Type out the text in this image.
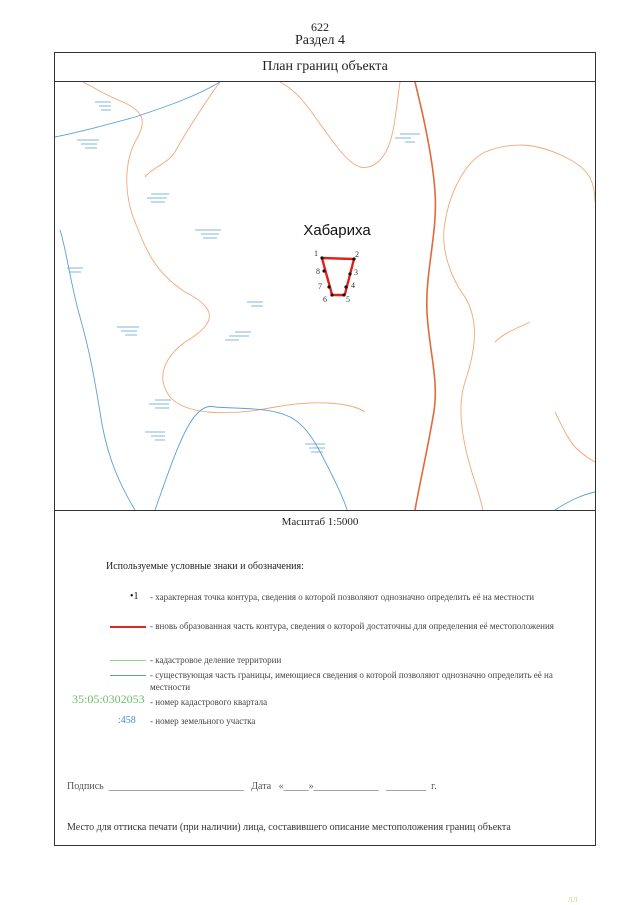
622
Раздел 4
План границ объекта
Хабариха
1	2
3
4
5
6
7
8
Масштаб 1:5000
Используемые условные знаки и обозначения:
•1
35:05:0302053
:458
- характерная точка контура, сведения о которой позволяют однозначно определить её на местности
- вновь образованная часть контура, сведения о которой достаточны для определения её местоположения
- кадастровое деление территории
- существующая часть границы, имеющиеся сведения о которой позволяют однозначно определить её на местности
- номер кадастрового квартала
- номер земельного участка
Подпись  ___________________________   Дата   «_____»_____________   ________  г.
Место для оттиска печати (при наличии) лица, составившего описание местоположения границ объекта
ЛЛ
